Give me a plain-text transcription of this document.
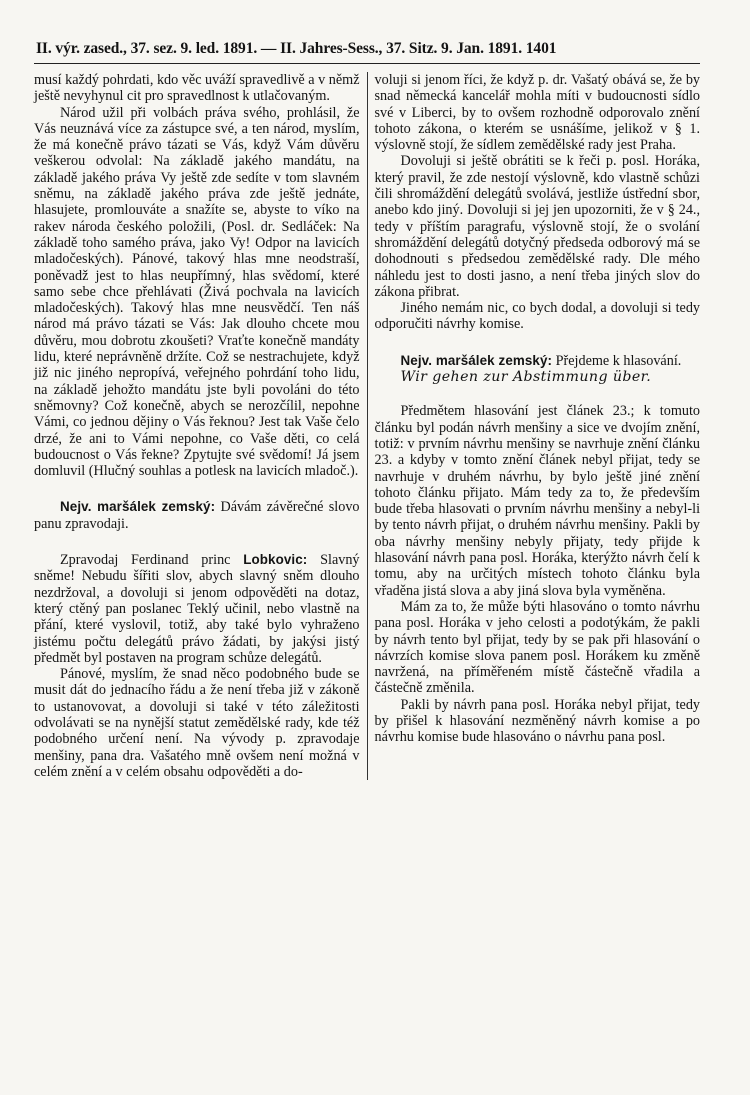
II. výr. zased., 37. sez. 9. led. 1891. — II. Jahres-Sess., 37. Sitz. 9. Jan. 1891. 1401

musí každý pohrdati, kdo věc uváží spravedlivě a v němž ještě nevyhynul cit pro spravedlnost k utlačovaným.

Národ užil při volbách práva svého, prohlásil, že Vás neuznává více za zástupce své, a ten národ, myslím, že má konečně právo tázati se Vás, když Vám důvěru veškerou odvolal: Na základě jakého mandátu, na základě jakého práva Vy ještě zde sedíte v tom slavném sněmu, na základě jakého práva zde ještě jednáte, hlasujete, promlouváte a snažíte se, abyste to víko na rakev národa českého položili, (Posl. dr. Sedláček: Na základě toho samého práva, jako Vy! Odpor na lavicích mladočeských). Pánové, takový hlas mne neodstraší, poněvadž jest to hlas neupřímný, hlas svědomí, které samo sebe chce přehlávati (Živá pochvala na lavicích mladočeských). Takový hlas mne neusvědčí. Ten náš národ má právo tázati se Vás: Jak dlouho chcete mou důvěru, mou dobrotu zkoušeti? Vraťte konečně mandáty lidu, které neprávněně držíte. Což se nestrachujete, když již nic jiného nepropívá, veřejného pohrdání toho lidu, na základě jehožto mandátu jste byli povoláni do této sněmovny? Což konečně, abych se nerozčílil, nepohne Vámi, co jednou dějiny o Vás řeknou? Jest tak Vaše čelo drzé, že ani to Vámi nepohne, co Vaše děti, co celá budoucnost o Vás řekne? Zpytujte své svědomí! Já jsem domluvil (Hlučný souhlas a potlesk na lavicích mladoč.).

Nejv. maršálek zemský: Dávám závěrečné slovo panu zpravodaji.

Zpravodaj Ferdinand princ Lobkovic: Slavný sněme! Nebudu šířiti slov, abych slavný sněm dlouho nezdržoval, a dovoluji si jenom odpověděti na dotaz, který ctěný pan poslanec Teklý učinil, nebo vlastně na přání, které vyslovil, totiž, aby také bylo vyhraženo jistému počtu delegátů právo žádati, by jakýsi jistý předmět byl postaven na program schůze delegátů.

Pánové, myslím, že snad něco podobného bude se musit dát do jednacího řádu a že není třeba již v zákoně to ustanovovat, a dovoluji si také v této záležitosti odvolávati se na nynější statut zemědělské rady, kde též podobného určení není. Na vývody p. zpravodaje menšiny, pana dra. Vašatého mně ovšem není možná v celém znění a v celém obsahu odpověděti a do-

voluji si jenom říci, že když p. dr. Vašatý obává se, že by snad německá kancelář mohla míti v budoucnosti sídlo své v Liberci, by to ovšem rozhodně odporovalo znění tohoto zákona, o kterém se usnášíme, jelikož v § 1. výslovně stojí, že sídlem zemědělské rady jest Praha.

Dovoluji si ještě obrátiti se k řeči p. posl. Horáka, který pravil, že zde nestojí výslovně, kdo vlastně schůzi čili shromáždění delegátů svolává, jestliže ústřední sbor, anebo kdo jiný. Dovoluji si jej jen upozorniti, že v § 24., tedy v příštím paragrafu, výslovně stojí, že o svolání shromáždění delegátů dotyčný předseda odborový má se dohodnouti s předsedou zemědělské rady. Dle mého náhledu jest to dosti jasno, a není třeba jiných slov do zákona přibrat.

Jiného nemám nic, co bych dodal, a dovoluji si tedy odporučiti návrhy komise.

Nejv. maršálek zemský: Přejdeme k hlasování.

Wir gehen zur Abstimmung über.

Předmětem hlasování jest článek 23.; k tomuto článku byl podán návrh menšiny a sice ve dvojím znění, totiž: v prvním návrhu menšiny se navrhuje znění článku 23. a kdyby v tomto znění článek nebyl přijat, tedy se navrhuje v druhém návrhu, by bylo ještě jiné znění tohoto článku přijato. Mám tedy za to, že především bude třeba hlasovati o prvním návrhu menšiny a nebyl-li by tento návrh přijat, o druhém návrhu menšiny. Pakli by oba návrhy menšiny nebyly přijaty, tedy přijde k hlasování návrh pana posl. Horáka, kterýžto návrh čelí k tomu, aby na určitých místech tohoto článku byla vřaděna jistá slova a aby jiná slova byla vyměněna.

Mám za to, že může býti hlasováno o tomto návrhu pana posl. Horáka v jeho celosti a podotýkám, že pakli by návrh tento byl přijat, tedy by se pak při hlasování o návrzích komise slova panem posl. Horákem ku změně navržená, na příměřeném místě částečně vřadila a částečně změnila.

Pakli by návrh pana posl. Horáka nebyl přijat, tedy by přišel k hlasování nezměněný návrh komise a po návrhu komise bude hlasováno o návrhu pana posl.
